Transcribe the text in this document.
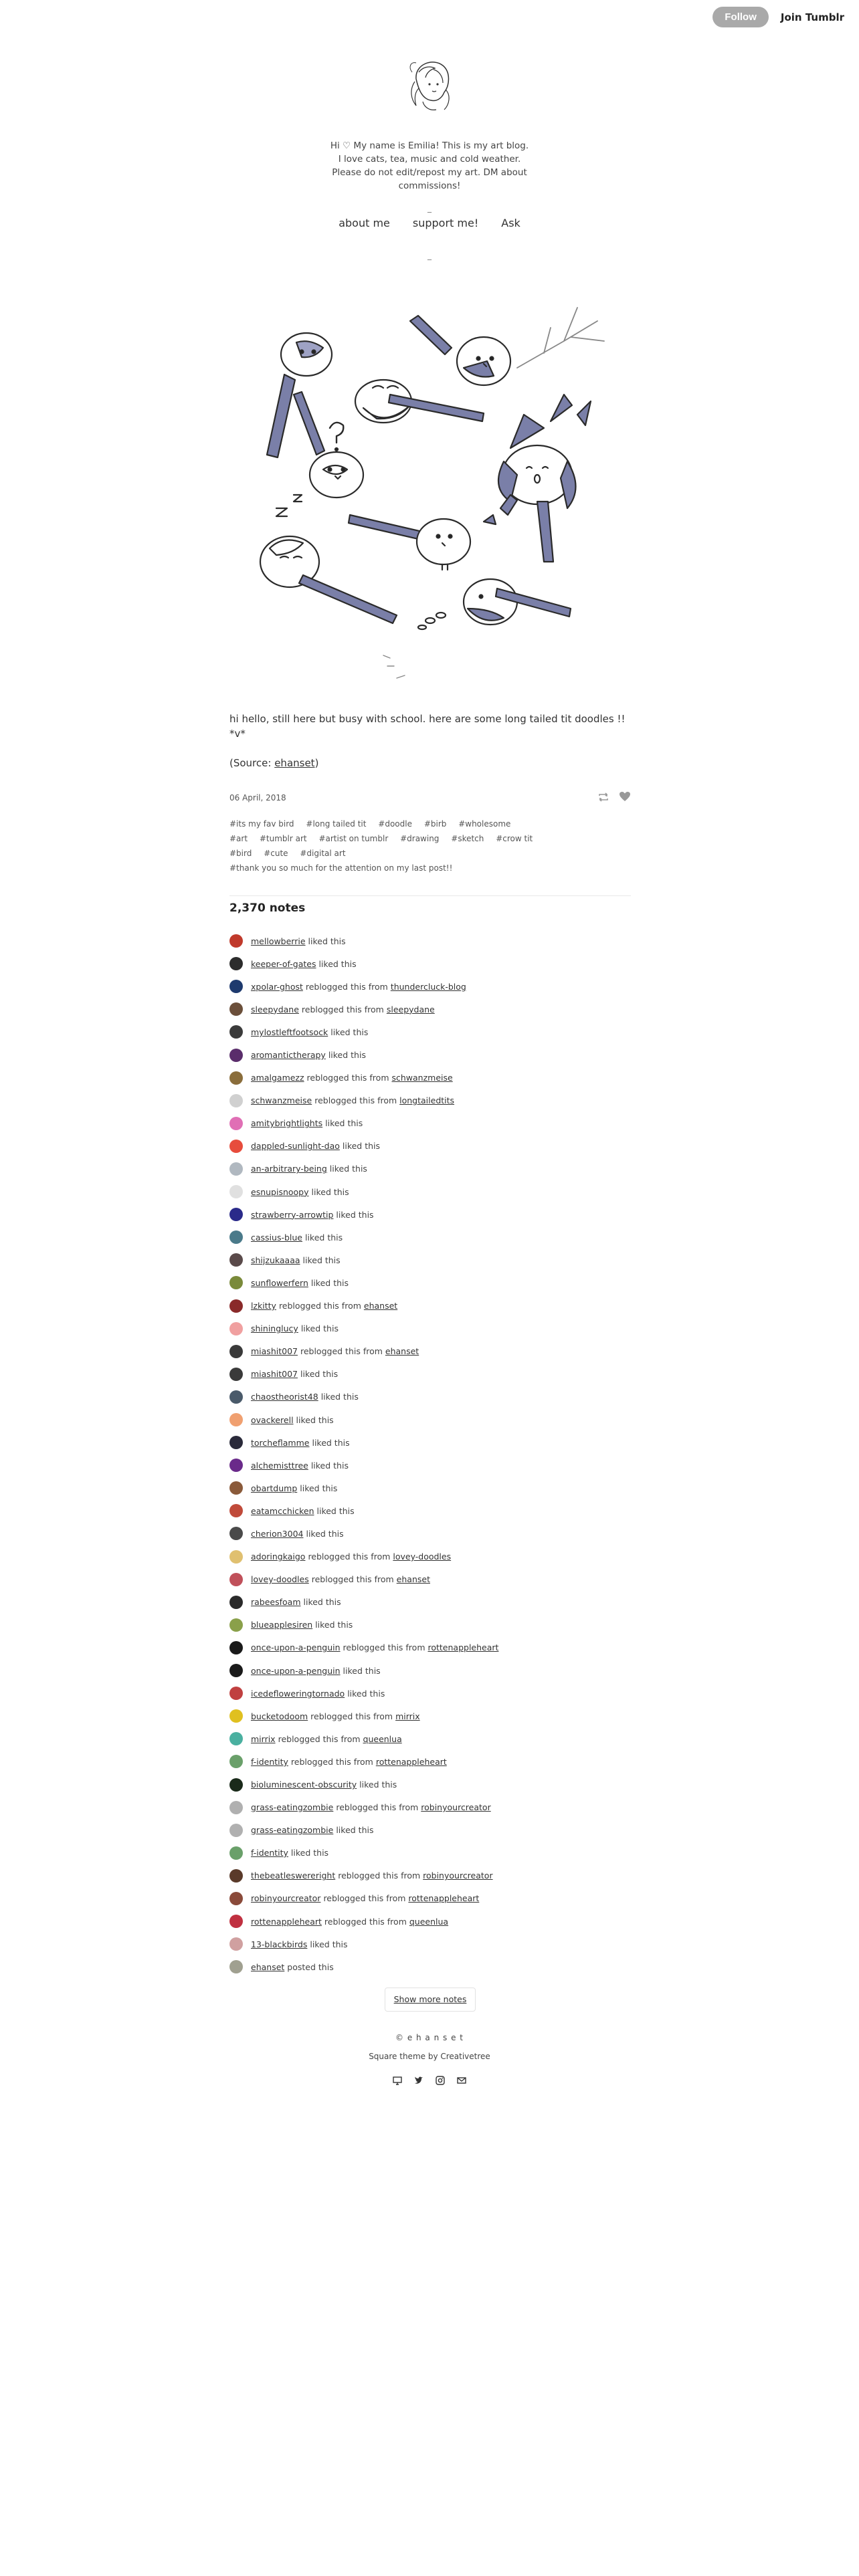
Follow	Join Tumblr
Hi ♡ My name is Emilia! This is my art blog. I love cats, tea, music and cold weather. Please do not edit/repost my art. DM about commissions!
_
about me support me! Ask
_

hi hello, still here but busy with school. here are some long tailed tit doodles !! *v*

(Source: ehanset)

06 April, 2018
#its my fav bird #long tailed tit #doodle #birb #wholesome
#art #tumblr art #artist on tumblr #drawing #sketch #crow tit
#bird #cute #digital art
#thank you so much for the attention on my last post!!
2,370 notes
mellowberrie
liked this
keeper-of-gates
liked this
xpolar-ghost
reblogged this from
thundercluck-blog
sleepydane
reblogged this from
sleepydane
mylostleftfootsock
liked this
aromantictherapy
liked this
amalgamezz
reblogged this from
schwanzmeise
schwanzmeise
reblogged this from
longtailedtits
amitybrightlights
liked this
dappled-sunlight-dao
liked this
an-arbitrary-being
liked this
esnupisnoopy
liked this
strawberry-arrowtip
liked this
cassius-blue
liked this
shijzukaaaa
liked this
sunflowerfern
liked this
lzkitty
reblogged this from
ehanset
shininglucy
liked this
miashit007
reblogged this from
ehanset
miashit007
liked this
chaostheorist48
liked this
ovackerell
liked this
torcheflamme
liked this
alchemisttree
liked this
obartdump
liked this
eatamcchicken
liked this
cherion3004
liked this
adoringkaigo
reblogged this from
lovey-doodles
lovey-doodles
reblogged this from
ehanset
rabeesfoam
liked this
blueapplesiren
liked this
once-upon-a-penguin
reblogged this from
rottenappleheart
once-upon-a-penguin
liked this
icedefloweringtornado
liked this
bucketodoom
reblogged this from
mirrix
mirrix
reblogged this from
queenlua
f-identity
reblogged this from
rottenappleheart
bioluminescent-obscurity
liked this
grass-eatingzombie
reblogged this from
robinyourcreator
grass-eatingzombie
liked this
f-identity
liked this
thebeatleswereright
reblogged this from
robinyourcreator
robinyourcreator
reblogged this from
rottenappleheart
rottenappleheart
reblogged this from
queenlua
13-blackbirds
liked this
ehanset
posted this
Show more notes
© e h a n s e t
Square theme by Creativetree
